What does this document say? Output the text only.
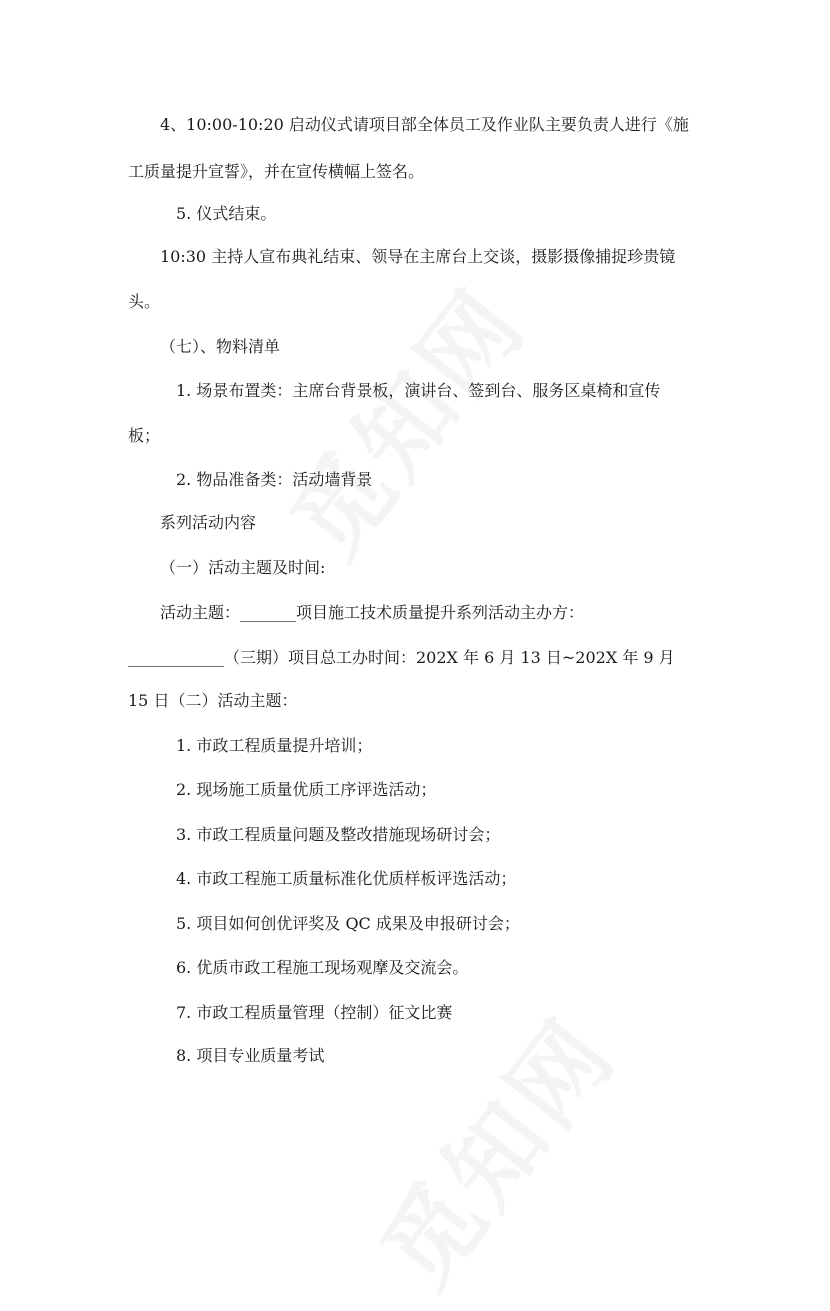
4、10:00-10:20 启动仪式请项目部全体员工及作业队主要负责人进行《施
工质量提升宣誓》，并在宣传横幅上签名。
5. 仪式结束。
10:30 主持人宣布典礼结束、领导在主席台上交谈，摄影摄像捕捉珍贵镜
头。
（七）、物料清单
1. 场景布置类：主席台背景板，演讲台、签到台、服务区桌椅和宣传
板；
2. 物品准备类：活动墙背景
系列活动内容
（一）活动主题及时间:
活动主题：_______项目施工技术质量提升系列活动主办方：
____________（三期）项目总工办时间：202X 年 6 月 13 日~202X 年 9 月
15 日（二）活动主题：
1. 市政工程质量提升培训；
2. 现场施工质量优质工序评选活动；
3. 市政工程质量问题及整改措施现场研讨会；
4. 市政工程施工质量标准化优质样板评选活动；
5. 项目如何创优评奖及 QC 成果及申报研讨会；
6. 优质市政工程施工现场观摩及交流会。
7. 市政工程质量管理（控制）征文比赛
8. 项目专业质量考试
